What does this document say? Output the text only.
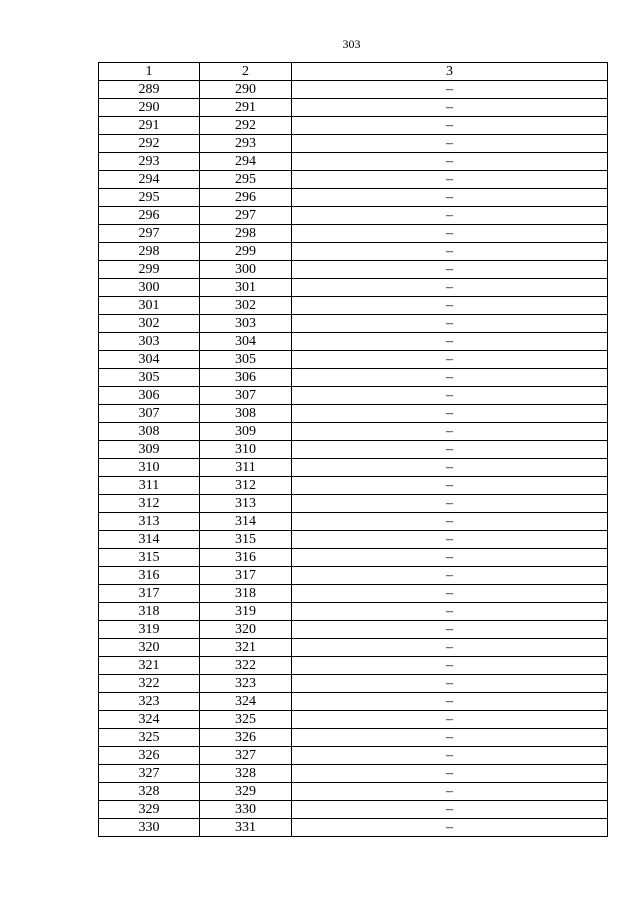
303
1	2	3
289	290	–
290	291	–
291	292	–
292	293	–
293	294	–
294	295	–
295	296	–
296	297	–
297	298	–
298	299	–
299	300	–
300	301	–
301	302	–
302	303	–
303	304	–
304	305	–
305	306	–
306	307	–
307	308	–
308	309	–
309	310	–
310	311	–
311	312	–
312	313	–
313	314	–
314	315	–
315	316	–
316	317	–
317	318	–
318	319	–
319	320	–
320	321	–
321	322	–
322	323	–
323	324	–
324	325	–
325	326	–
326	327	–
327	328	–
328	329	–
329	330	–
330	331	–
